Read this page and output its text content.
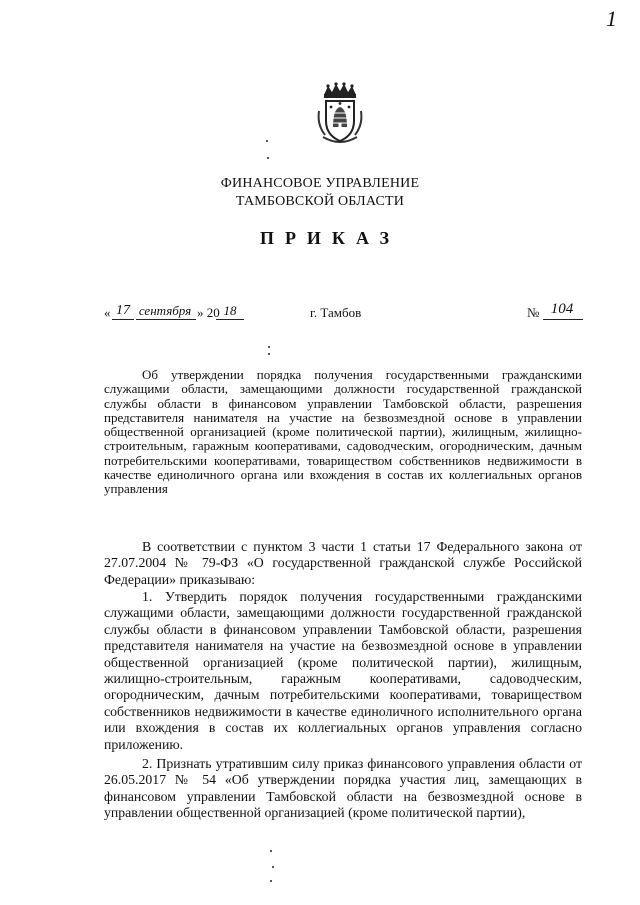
1
ФИНАНСОВОЕ УПРАВЛЕНИЕ
ТАМБОВСКОЙ ОБЛАСТИ
ПРИКАЗ
« 17 сентября » 20 18	г. Тамбов	№ 104
Об утверждении порядка получения государственными гражданскими служащими области, замещающими должности государственной гражданской службы области в финансовом управлении Тамбовской области, разрешения представителя нанимателя на участие на безвозмездной основе в управлении общественной организацией (кроме политической партии), жилищным, жилищно-строительным, гаражным кооперативами, садоводческим, огородническим, дачным потребительскими кооперативами, товариществом собственников недвижимости в качестве единоличного органа или вхождения в состав их коллегиальных органов управления
В соответствии с пунктом 3 части 1 статьи 17 Федерального закона от 27.07.2004 № 79-ФЗ «О государственной гражданской службе Российской Федерации» приказываю:
1. Утвердить порядок получения государственными гражданскими служащими области, замещающими должности государственной гражданской службы области в финансовом управлении Тамбовской области, разрешения представителя нанимателя на участие на безвозмездной основе в управлении общественной организацией (кроме политической партии), жилищным, жилищно-строительным, гаражным кооперативами, садоводческим, огородническим, дачным потребительскими кооперативами, товариществом собственников недвижимости в качестве единоличного исполнительного органа или вхождения в состав их коллегиальных органов управления согласно приложению.
2. Признать утратившим силу приказ финансового управления области от 26.05.2017 № 54 «Об утверждении порядка участия лиц, замещающих в финансовом управлении Тамбовской области на безвозмездной основе в управлении общественной организацией (кроме политической партии),
